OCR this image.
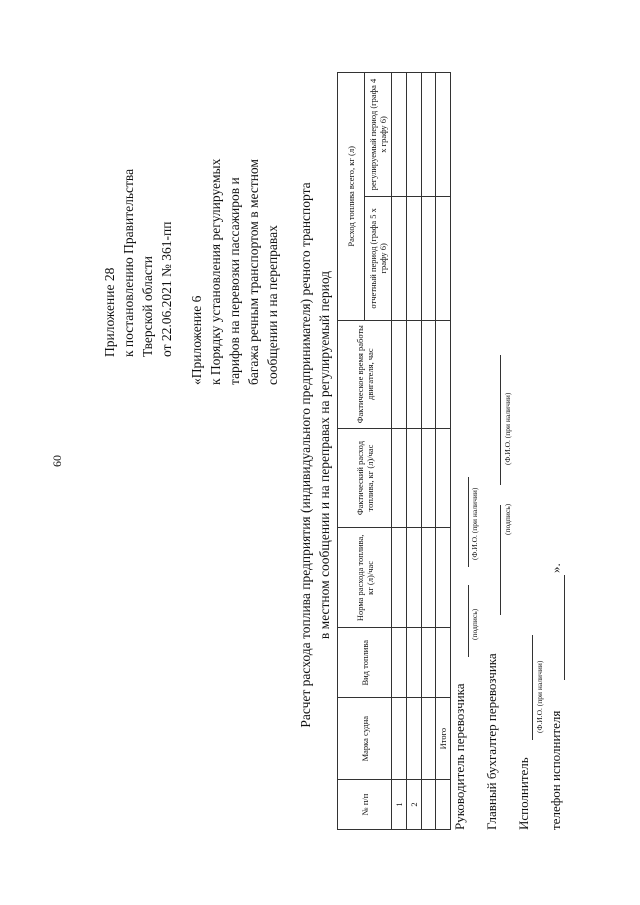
60
Приложение 28 к постановлению Правительства Тверской области от 22.06.2021 № 361-пп «Приложение 6 к Порядку установления регулируемых тарифов на перевозки пассажиров и багажа речным транспортом в местном сообщении и на переправах Расчет расхода топлива предприятия (индивидуального предпринимателя) речного транспорта в местном сообщении и на переправах на регулируемый период
№ п/п	Марка судна	Вид топлива	Норма расхода топлива, кг (л)/час	Фактический расход топлива, кг (л)/час	Фактическое время работы двигателя, час	Расход топлива всего, кг (л)	
						отчетный период (графа 5 х графу 6)	регулируемый период (графа 4 х графу 6)
1							
2							

	Итого						Руководитель перевозчика
(подпись)
(Ф.И.О. (при наличии)
Главный бухгалтер перевозчика
(подпись)
(Ф.И.О. (при наличии)
Исполнитель
(Ф.И.О. (при наличии)
телефон исполнителя
».
